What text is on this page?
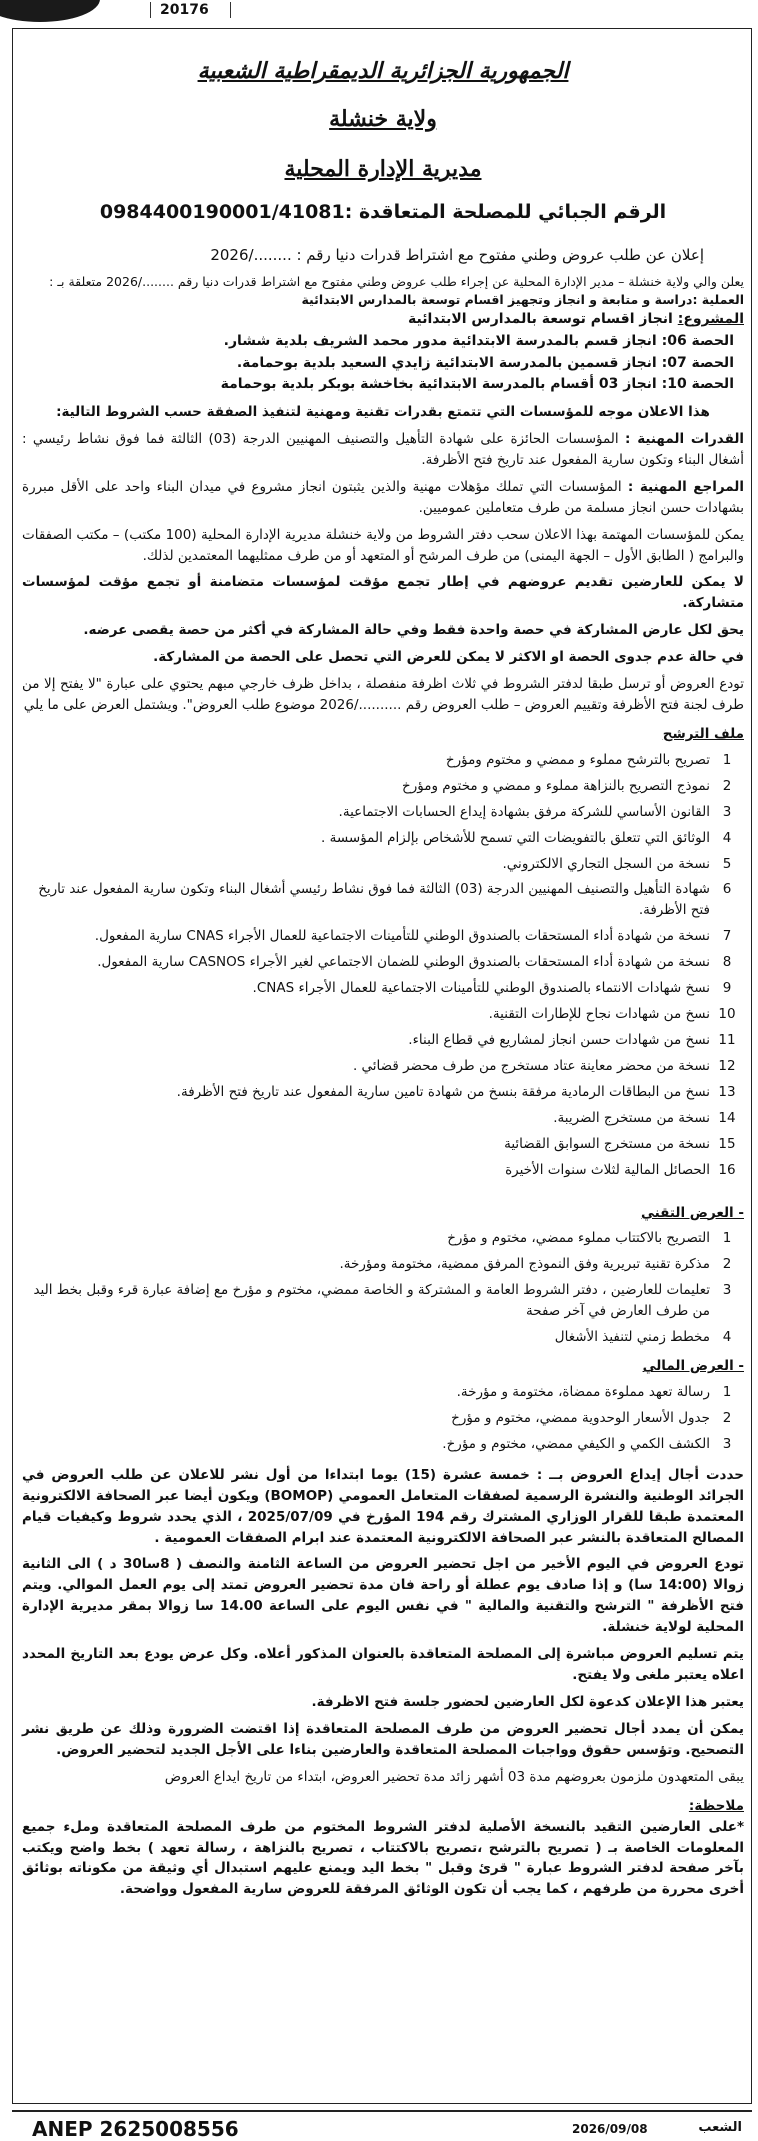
20176
الجمهورية الجزائرية الديمقراطية الشعبية
ولاية خنشلة
مديرية الإدارة المحلية
الرقم الجبائي للمصلحة المتعاقدة :0984400190001/41081
إعلان عن طلب عروض وطني مفتوح مع اشتراط قدرات دنيا رقم : ......../2026

يعلن والي ولاية خنشلة – مدير الإدارة المحلية عن إجراء طلب عروض وطني مفتوح مع اشتراط قدرات دنيا رقم ......../2026 متعلقة بـ :

العملية :دراسة و متابعة و انجاز وتجهيز اقسام توسعة بالمدارس الابتدائية

المشروع: انجاز اقسام توسعة بالمدارس الابتدائية

الحصة 06: انجاز قسم بالمدرسة الابتدائية مدور محمد الشريف بلدية ششار.
الحصة 07: انجاز قسمين بالمدرسة الابتدائية زايدي السعيد بلدية بوحمامة.
الحصة 10: انجاز 03 أقسام بالمدرسة الابتدائية بخاخشة بوبكر بلدية بوحمامة

هذا الاعلان موجه للمؤسسات التي تتمتع بقدرات تقنية ومهنية لتنفيذ الصفقة حسب الشروط التالية:

القدرات المهنية : المؤسسات الحائزة على شهادة التأهيل والتصنيف المهنيين الدرجة (03) الثالثة فما فوق نشاط رئيسي : أشغال البناء وتكون سارية المفعول عند تاريخ فتح الأظرفة.

المراجع المهنية : المؤسسات التي تملك مؤهلات مهنية والذين يثبتون انجاز مشروع في ميدان البناء واحد على الأقل مبررة بشهادات حسن انجاز مسلمة من طرف متعاملين عموميين.

يمكن للمؤسسات المهتمة بهذا الاعلان سحب دفتر الشروط من ولاية خنشلة مديرية الإدارة المحلية (100 مكتب) – مكتب الصفقات والبرامج ( الطابق الأول – الجهة اليمنى) من طرف المرشح أو المتعهد أو من طرف ممثليهما المعتمدين لذلك.

لا يمكن للعارضين تقديم عروضهم في إطار تجمع مؤقت لمؤسسات متضامنة أو تجمع مؤقت لمؤسسات متشاركة.

يحق لكل عارض المشاركة في حصة واحدة فقط وفي حالة المشاركة في أكثر من حصة يقصى عرضه.

في حالة عدم جدوى الحصة او الاكثر لا يمكن للعرض التي تحصل على الحصة من المشاركة.

تودع العروض أو ترسل طبقا لدفتر الشروط في ثلاث اظرفة منفصلة ، بداخل ظرف خارجي مبهم يحتوي على عبارة "لا يفتح إلا من طرف لجنة فتح الأظرفة وتقييم العروض – طلب العروض رقم ........../2026 موضوع طلب العروض". ويشتمل العرض على ما يلي

ملف الترشح
1
تصريح بالترشح مملوء و ممضي و مختوم ومؤرخ
2
نموذج التصريح بالنزاهة مملوء و ممضي و مختوم ومؤرخ
3
القانون الأساسي للشركة مرفق بشهادة إيداع الحسابات الاجتماعية.
4
الوثائق التي تتعلق بالتفويضات التي تسمح للأشخاص بإلزام المؤسسة .
5
نسخة من السجل التجاري الالكتروني.
6
شهادة التأهيل والتصنيف المهنيين الدرجة (03) الثالثة فما فوق نشاط رئيسي أشغال البناء وتكون سارية المفعول عند تاريخ فتح الأظرفة.
7
نسخة من شهادة أداء المستحقات بالصندوق الوطني للتأمينات الاجتماعية للعمال الأجراء CNAS سارية المفعول.
8
نسخة من شهادة أداء المستحقات بالصندوق الوطني للضمان الاجتماعي لغير الأجراء CASNOS سارية المفعول.
9
نسخ شهادات الانتماء بالصندوق الوطني للتأمينات الاجتماعية للعمال الأجراء CNAS.
10
نسخ من شهادات نجاح للإطارات التقنية.
11
نسخ من شهادات حسن انجاز لمشاريع في قطاع البناء.
12
نسخة من محضر معاينة عتاد مستخرج من طرف محضر قضائي .
13
نسخ من البطاقات الرمادية مرفقة بنسخ من شهادة تامين سارية المفعول عند تاريخ فتح الأظرفة.
14
نسخة من مستخرج الضريبة.
15
نسخة من مستخرج السوابق القضائية
16
الحصائل المالية لثلاث سنوات الأخيرة
- العرض التقني
1
التصريح بالاكتتاب مملوء ممضي، مختوم و مؤرخ
2
مذكرة تقنية تبريرية وفق النموذج المرفق ممضية، مختومة ومؤرخة.
3
تعليمات للعارضين ، دفتر الشروط العامة و المشتركة و الخاصة ممضي، مختوم و مؤرخ مع إضافة عبارة قرء وقبل بخط اليد من طرف العارض في آخر صفحة
4
مخطط زمني لتنفيذ الأشغال
- العرض المالي
1
رسالة تعهد مملوءة ممضاة، مختومة و مؤرخة.
2
جدول الأسعار الوحدوية ممضي، مختوم و مؤرخ
3
الكشف الكمي و الكيفي ممضي، مختوم و مؤرخ.

حددت أجال إيداع العروض بــ : خمسة عشرة (15) يوما ابتداءا من أول نشر للاعلان عن طلب العروض في الجرائد الوطنية والنشرة الرسمية لصفقات المتعامل العمومي (BOMOP) ويكون أيضا عبر الصحافة الالكترونية المعتمدة طبقا للقرار الوزاري المشترك رقم 194 المؤرخ في 2025/07/09 ، الذي يحدد شروط وكيفيات قيام المصالح المتعاقدة بالنشر عبر الصحافة الالكترونية المعتمدة عند ابرام الصفقات العمومية .

تودع العروض في اليوم الأخير من اجل تحضير العروض من الساعة الثامنة والنصف ( 8سا30 د ) الى الثانية زوالا (14:00 سا) و إذا صادف يوم عطلة أو راحة فان مدة تحضير العروض تمتد إلى يوم العمل الموالي. ويتم فتح الأظرفة " الترشح والتقنية والمالية " في نفس اليوم على الساعة 14.00 سا زوالا بمقر مديرية الإدارة المحلية لولاية خنشلة.

يتم تسليم العروض مباشرة إلى المصلحة المتعاقدة بالعنوان المذكور أعلاه. وكل عرض يودع بعد التاريخ المحدد اعلاه يعتبر ملغى ولا يفتح.

يعتبر هذا الإعلان كدعوة لكل العارضين لحضور جلسة فتح الاظرفة.

يمكن أن يمدد أجال تحضير العروض من طرف المصلحة المتعاقدة إذا اقتضت الضرورة وذلك عن طريق نشر التصحيح. وتؤسس حقوق وواجبات المصلحة المتعاقدة والعارضين بناءا على الأجل الجديد لتحضير العروض.

يبقى المتعهدون ملزمون بعروضهم مدة 03 أشهر زائد مدة تحضير العروض، ابتداء من تاريخ ايداع العروض

ملاحظة:

*على العارضين التقيد بالنسخة الأصلية لدفتر الشروط المختوم من طرف المصلحة المتعاقدة وملء جميع المعلومات الخاصة بـ ( تصريح بالترشح ،تصريح بالاكتتاب ، تصريح بالنزاهة ، رسالة تعهد ) بخط واضح ويكتب بآخر صفحة لدفتر الشروط عبارة " قرئ وقبل " بخط اليد ويمنع عليهم استبدال أي وثيقة من مكوناته بوثائق أخرى محررة من طرفهم ، كما يجب أن تكون الوثائق المرفقة للعروض سارية المفعول وواضحة.

ANEP 2625008556	2026/09/08	الشعب
